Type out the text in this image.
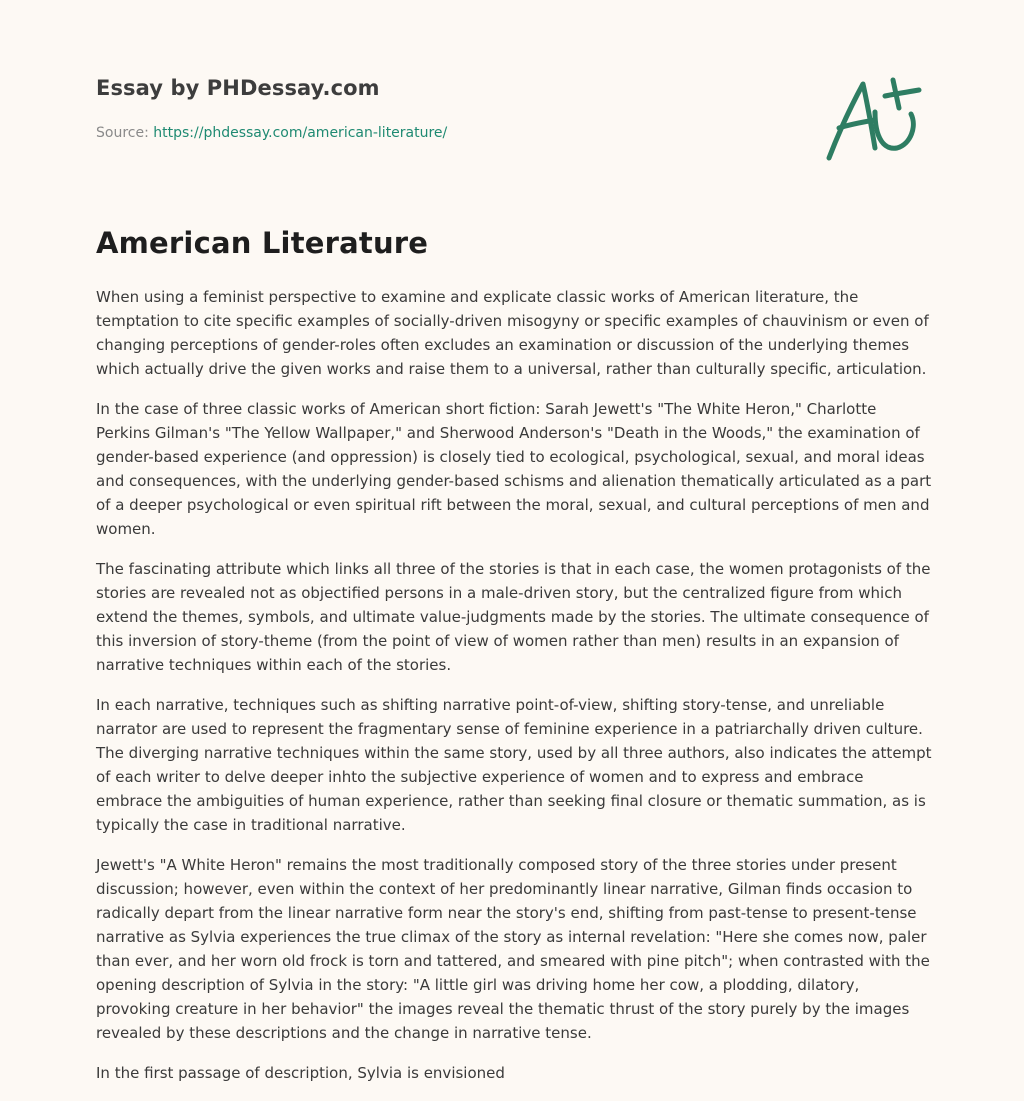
Essay by PHDessay.com

Source: https://phdessay.com/american-literature/

American Literature

When using a feminist perspective to examine and explicate classic works of American literature, the temptation to cite specific examples of socially-driven misogyny or specific examples of chauvinism or even of changing perceptions of gender-roles often excludes an examination or discussion of the underlying themes which actually drive the given works and raise them to a universal, rather than culturally specific, articulation.

In the case of three classic works of American short fiction: Sarah Jewett's "The White Heron," Charlotte Perkins Gilman's "The Yellow Wallpaper," and Sherwood Anderson's "Death in the Woods," the examination of gender-based experience (and oppression) is closely tied to ecological, psychological, sexual, and moral ideas and consequences, with the underlying gender-based schisms and alienation thematically articulated as a part of a deeper psychological or even spiritual rift between the moral, sexual, and cultural perceptions of men and women.

The fascinating attribute which links all three of the stories is that in each case, the women protagonists of the stories are revealed not as objectified persons in a male-driven story, but the centralized figure from which extend the themes, symbols, and ultimate value-judgments made by the stories. The ultimate consequence of this inversion of story-theme (from the point of view of women rather than men) results in an expansion of narrative techniques within each of the stories.

In each narrative, techniques such as shifting narrative point-of-view, shifting story-tense, and unreliable narrator are used to represent the fragmentary sense of feminine experience in a patriarchally driven culture. The diverging narrative techniques within the same story, used by all three authors, also indicates the attempt of each writer to delve deeper inhto the subjective experience of women and to express and embrace embrace the ambiguities of human experience, rather than seeking final closure or thematic summation, as is typically the case in traditional narrative.

Jewett's "A White Heron" remains the most traditionally composed story of the three stories under present discussion; however, even within the context of her predominantly linear narrative, Gilman finds occasion to radically depart from the linear narrative form near the story's end, shifting from past-tense to present-tense narrative as Sylvia experiences the true climax of the story as internal revelation: "Here she comes now, paler than ever, and her worn old frock is torn and tattered, and smeared with pine pitch"; when contrasted with the opening description of Sylvia in the story: "A little girl was driving home her cow, a plodding, dilatory, provoking creature in her behavior" the images reveal the thematic thrust of the story purely by the images revealed by these descriptions and the change in narrative tense.

In the first passage of description, Sylvia is envisioned
